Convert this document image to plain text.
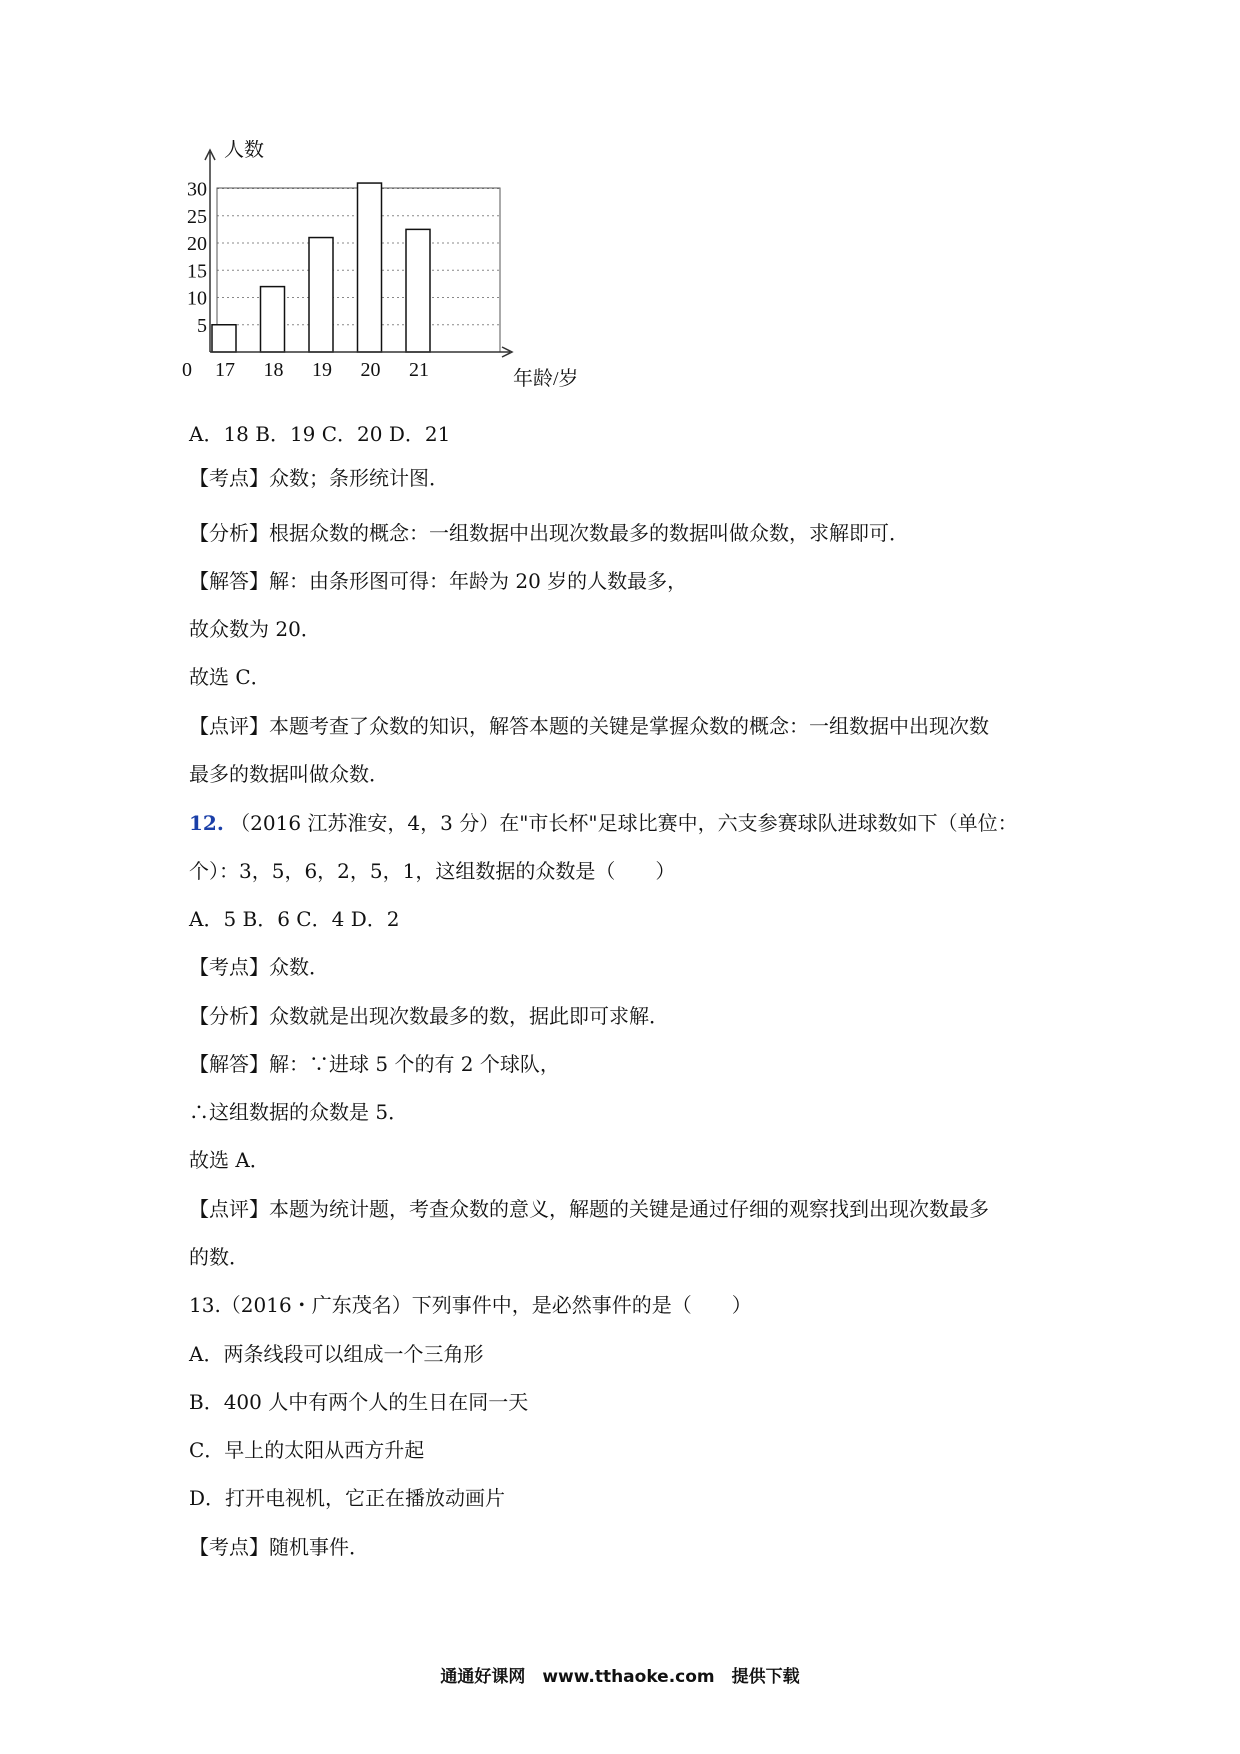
5
10
15
20
25
30
17 18 19 20 21
0
人数
年龄/岁
A．18 B．19 C．20 D．21
【考点】众数；条形统计图．
【分析】根据众数的概念：一组数据中出现次数最多的数据叫做众数，求解即可．
【解答】解：由条形图可得：年龄为 20 岁的人数最多，
故众数为 20．
故选 C．
【点评】本题考查了众数的知识，解答本题的关键是掌握众数的概念：一组数据中出现次数
最多的数据叫做众数．
12. （2016 江苏淮安，4，3 分）在"市长杯"足球比赛中，六支参赛球队进球数如下（单位：
个）：3，5，6，2，5，1，这组数据的众数是（　　）
A．5 B．6 C．4 D．2
【考点】众数．
【分析】众数就是出现次数最多的数，据此即可求解．
【解答】解：∵进球 5 个的有 2 个球队，
∴这组数据的众数是 5．
故选 A．
【点评】本题为统计题，考查众数的意义，解题的关键是通过仔细的观察找到出现次数最多
的数．
13.（2016・广东茂名）下列事件中，是必然事件的是（　　）
A．两条线段可以组成一个三角形
B．400 人中有两个人的生日在同一天
C．早上的太阳从西方升起
D．打开电视机，它正在播放动画片
【考点】随机事件．
通通好课网　www.tthaoke.com　提供下载
